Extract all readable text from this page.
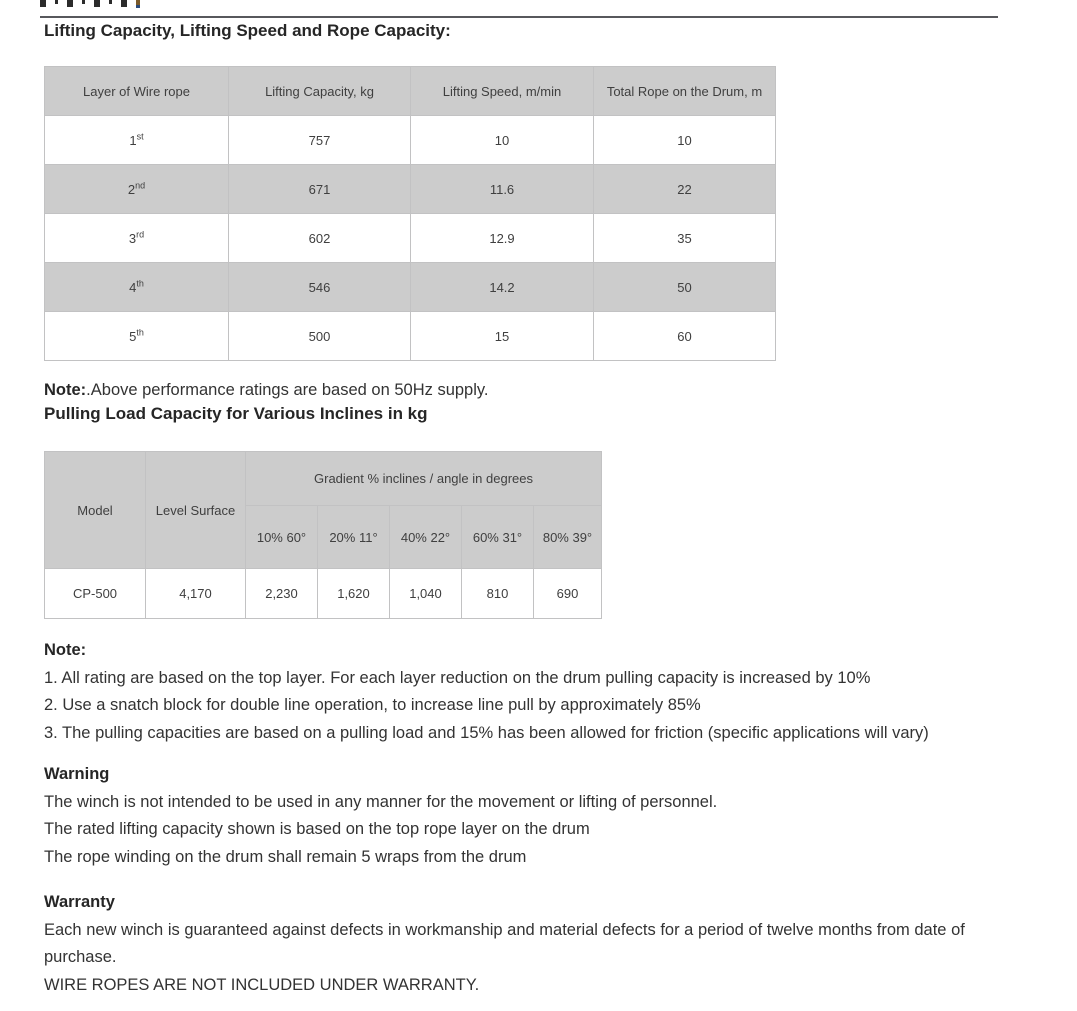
Lifting Capacity, Lifting Speed and Rope Capacity:
Layer of Wire rope	Lifting Capacity, kg	Lifting Speed, m/min	Total Rope on the Drum, m
1st	757	10	10
2nd	671	11.6	22
3rd	602	12.9	35
4th	546	14.2	50
5th	500	15	60
Note:.Above performance ratings are based on 50Hz supply.
Pulling Load Capacity for Various Inclines in kg
Model	Level Surface	Gradient % inclines / angle in degrees				
		10% 60°	20% 11°	40% 22°	60% 31°	80% 39°
CP-500	4,170	2,230	1,620	1,040	810	690

Note:

1. All rating are based on the top layer. For each layer reduction on the drum pulling capacity is increased by 10%

2. Use a snatch block for double line operation, to increase line pull by approximately 85%

3. The pulling capacities are based on a pulling load and 15% has been allowed for friction (specific applications will vary)

Warning

The winch is not intended to be used in any manner for the movement or lifting of personnel.

The rated lifting capacity shown is based on the top rope layer on the drum

The rope winding on the drum shall remain 5 wraps from the drum

Warranty

Each new winch is guaranteed against defects in workmanship and material defects for a period of twelve months from date of purchase.

WIRE ROPES ARE NOT INCLUDED UNDER WARRANTY.
